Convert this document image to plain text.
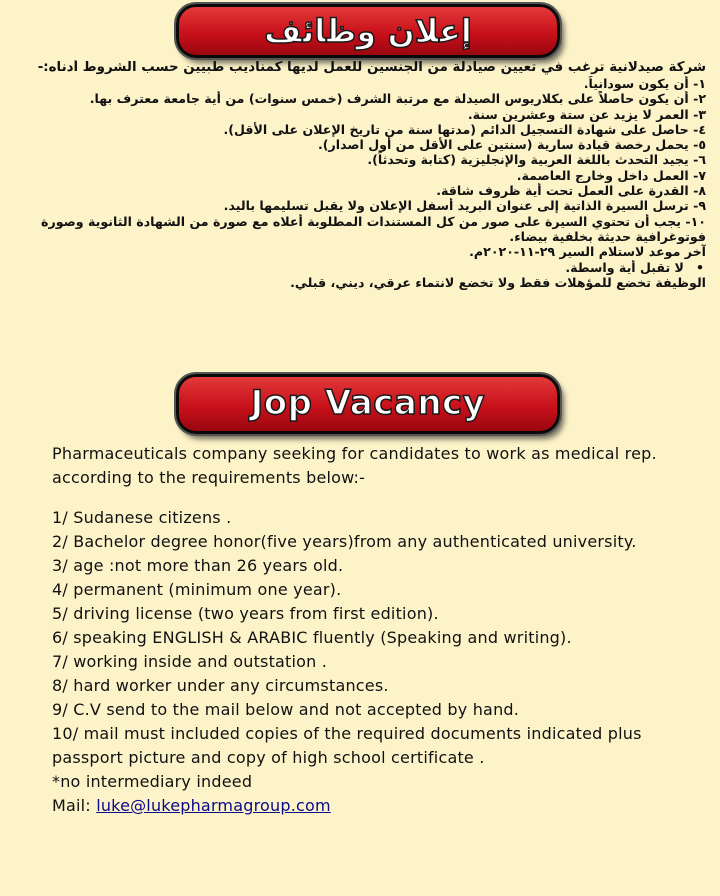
إعلان وظائف
شركة صيدلانية ترغب في تعيين صيادلة من الجنسين للعمل لديها كمناديب طبيين حسب الشروط أدناه:-
١- أن يكون سودانياً.
٢- أن يكون حاصلاً على بكلاريوس الصيدلة مع مرتبة الشرف (خمس سنوات) من أية جامعة معترف بها.
٣- العمر لا يزيد عن ستة وعشرين سنة.
٤- حاصل على شهادة التسجيل الدائم (مدتها سنة من تاريخ الإعلان على الأقل).
٥- يحمل رخصة قيادة سارية (سنتين على الأقل من أول اصدار).
٦- يجيد التحدث باللغة العربية والإنجليزية (كتابة وتحدثاً).
٧- العمل داخل وخارج العاصمة.
٨- القدرة على العمل تحت أية ظروف شاقة.
٩- ترسل السيرة الذاتية إلى عنوان البريد أسفل الإعلان ولا يقبل تسليمها باليد.
١٠- يجب أن تحتوي السيرة على صور من كل المستندات المطلوبة أعلاه مع صورة من الشهادة الثانوية وصورة فوتوغرافية حديثة بخلفية بيضاء.
آخر موعد لاستلام السير ٢٩-١١-٢٠٢٠م.
• لا تقبل أية واسطة.
الوظيفة تخضع للمؤهلات فقط ولا تخضع لانتماء عرقي، ديني، قبلي.
Jop Vacancy
Pharmaceuticals company seeking for candidates to work as medical rep. according to the requirements below:-
1/ Sudanese citizens .
2/ Bachelor degree honor(five years)from any authenticated university.
3/ age :not more than 26 years old.
4/ permanent (minimum one year).
5/ driving license (two years from first edition).
6/ speaking ENGLISH & ARABIC fluently (Speaking and writing).
7/ working inside and outstation .
8/ hard worker under any circumstances.
9/ C.V send to the mail below and not accepted by hand.
10/ mail must included copies of the required documents indicated plus passport picture and copy of high school certificate .
*no intermediary indeed
Mail: luke@lukepharmagroup.com
